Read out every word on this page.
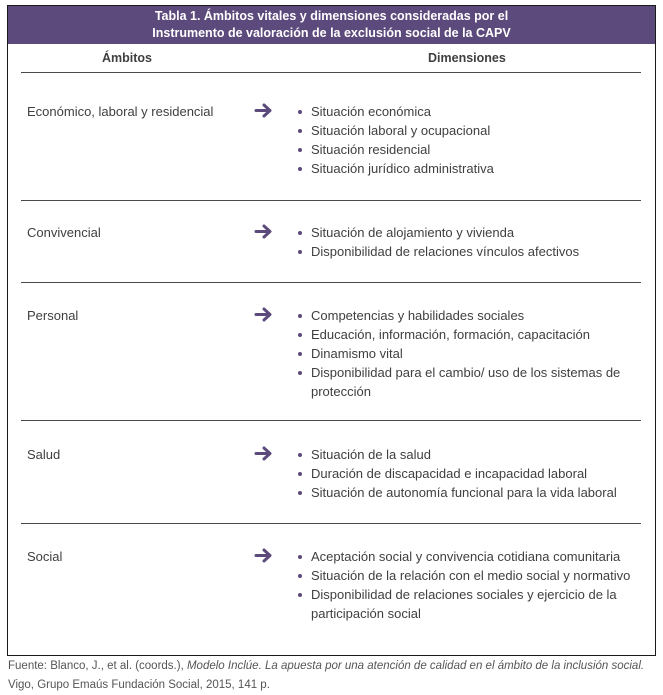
Tabla 1. Ámbitos vitales y dimensiones consideradas por el
Instrumento de valoración de la exclusión social de la CAPV
Ámbitos	Dimensiones
Económico, laboral y residencial	Situación económica
Situación laboral y ocupacional
Situación residencial
Situación jurídico administrativa
Convivencial	Situación de alojamiento y vivienda
Disponibilidad de relaciones vínculos afectivos
Personal	Competencias y habilidades sociales
Educación, información, formación, capacitación
Dinamismo vital
Disponibilidad para el cambio/ uso de los sistemas de protección
Salud	Situación de la salud
Duración de discapacidad e incapacidad laboral
Situación de autonomía funcional para la vida laboral
Social	Aceptación social y convivencia cotidiana comunitaria
Situación de la relación con el medio social y normativo
Disponibilidad de relaciones sociales y ejercicio de la participación social
Fuente: Blanco, J., et al. (coords.), Modelo Inclúe. La apuesta por una atención de calidad en el ámbito de la inclusión social. Vigo, Grupo Emaús Fundación Social, 2015, 141 p.
